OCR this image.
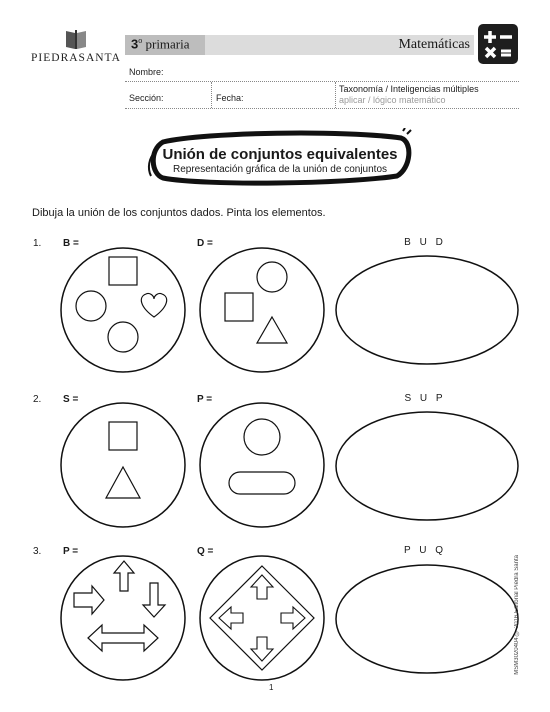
PIEDRASANTA
3$^o$ primaria	Matemáticas
Nombre:
Sección:	Fecha:
Taxonomía / Inteligencias múltiples
aplicar / lógico matemático
Unión de conjuntos equivalentes
Representación gráfica de la unión de conjuntos
Dibuja la unión de los conjuntos dados. Pinta los elementos.
1. B =	D =	B U D
2. S =	P =	S U P
3. P =	Q =	P U Q
MSM3020404 © 2016 Editorial Piedra Santa
1
